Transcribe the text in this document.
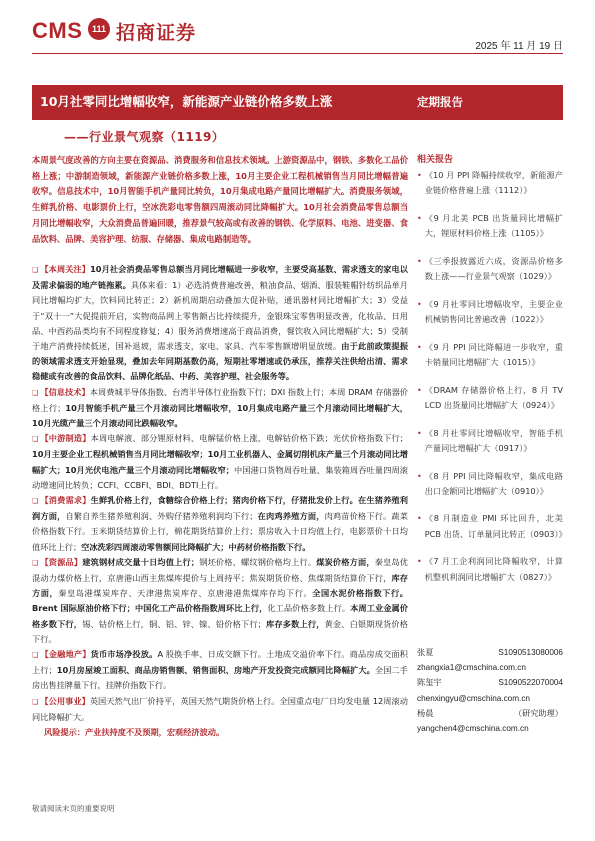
CMS	111 招商证券
2025 年 11 月 19 日
10月社零同比增幅收窄，新能源产业链价格多数上涨	定期报告
——行业景气观察（1119）
本周景气度改善的方向主要在资源品、消费服务和信息技术领域。上游资源品中，钢铁、多数化工品价格上涨；中游制造领域，新能源产业链价格多数上涨，10月主要企业工程机械销售当月同比增幅普遍收窄。信息技术中，10月智能手机产量同比转负，10月集成电路产量同比增幅扩大。消费服务领域，生鲜乳价格、电影票价上行，空冰洗彩电零售额四周滚动同比降幅扩大。10月社会消费品零售总额当月同比增幅收窄，大众消费品普遍回暖，推荐景气较高或有改善的钢铁、化学原料、电池、进变器、食品饮料、品牌、美容护理、纺服、存储器、集成电路制造等。

❑ 【本周关注】10月社会消费品零售总额当月同比增幅进一步收窄，主要受高基数、需求透支的家电以及需求偏弱的地产链拖累。具体来看：1）必选消费普遍改善，粮油食品、烟酒、服装鞋帽针纺织品单月同比增幅均扩大，饮料同比转正；2）新机周期启动叠加大促补贴，通讯器材同比增幅扩大；3）受益于“双十一”大促提前开启，实物商品网上零售额占比持续提升，金银珠宝零售明显改善，化妆品、日用品、中西药品类均有不同程度修复；4）服务消费增速高于商品消费，餐饮收入同比增幅扩大；5）受制于地产消费持续低迷，国补退坡，需求透支，家电、家具、汽车零售额增明显放缓。由于此前政策提振的领域需求透支开始显现，叠加去年同期基数仍高，短期社零增速或仍承压，推荐关注供给出清、需求稳健或有改善的食品饮料、品牌化纸品、中药、美容护理、社会服务等。

❑ 【信息技术】本周费城半导体指数、台湾半导体行业指数下行；DXI 指数上行；本周 DRAM 存储器价格上行；10月智能手机产量三个月滚动同比增幅收窄，10月集成电路产量三个月滚动同比增幅扩大，10月光缆产量三个月滚动同比跌幅收窄。

❑ 【中游制造】本周电解液、部分锂原材料、电解锰价格上涨，电解钴价格下跌；光伏价格指数下行；10月主要企业工程机械销售当月同比增幅收窄；10月工业机器人、金属切削机床产量三个月滚动同比增幅扩大；10月光伏电池产量三个月滚动同比增幅收窄；中国港口货物周吞吐量、集装箱周吞吐量四周滚动增速同比转负；CCFI、CCBFI、BDI、BDTI上行。

❑ 【消费需求】生鲜乳价格上行，食糖综合价格上行；猪肉价格下行，仔猪批发价上行。在生猪养殖利润方面，自繁自养生猪养殖利润、外购仔猪养殖利润均下行；在肉鸡养殖方面，肉鸡苗价格下行。蔬菜价格指数下行。玉米期货结算价上行，棉花期货结算价上行；票房收入十日均值上行，电影票价十日均值环比上行；空冰洗彩四周滚动零售额同比降幅扩大；中药材价格指数下行。

❑ 【资源品】建筑钢材成交量十日均值上行；钢坯价格、螺纹钢价格均上行。煤炭价格方面，秦皇岛优混动力煤价格上行，京唐港山西主焦煤库提价与上周持平；焦炭期货价格、焦煤期货结算价下行，库存方面，秦皇岛港煤炭库存、天津港焦炭库存、京唐港港焦煤库存均下行。全国水泥价格指数下行。Brent 国际原油价格下行；中国化工产品价格指数周环比上行，化工品价格多数上行。本周工业金属价格多数下行，锡、钴价格上行，铜、铝、锌、镍、铅价格下行；库存多数上行，黄金、白银期现货价格下行。

❑ 【金融地产】货币市场净投放。A 股换手率、日成交额下行。土地成交溢价率下行。商品房成交面积上行；10月房屋竣工面积、商品房销售额、销售面积、房地产开发投资完成额同比降幅扩大。全国二手房出售挂牌量下行，挂牌价指数下行。

❑ 【公用事业】英国天然气出厂价持平，英国天然气期货价格上行。全国重点电厂日均发电量 12周滚动同比降幅扩大。

风险提示：产业扶持度不及预期，宏观经济波动。

相关报告
• 《10 月 PPI 降幅持续收窄，新能源产业链价格普遍上涨（1112）》
• 《9 月北美 PCB 出货量同比增幅扩大，锂原材料价格上涨（1105）》
• 《三季报披露近六成，资源品价格多数上涨——行业景气观察（1029）》
• 《9 月社零同比增幅收窄，主要企业机械销售同比普遍改善（1022）》
• 《9 月 PPI 同比降幅进一步收窄，重卡销量同比增幅扩大（1015）》
• 《DRAM 存储器价格上行，8 月 TV LCD 出货量同比增幅扩大（0924）》
• 《8 月社零同比增幅收窄，智能手机产量同比增幅扩大（0917）》
• 《8 月 PPI 同比降幅收窄，集成电路出口金额同比增幅扩大（0910）》
• 《8 月制造业 PMI 环比回升，北美 PCB 出货、订单量同比转正（0903）》
• 《7 月工企利润同比降幅收窄，计算机整机利润同比增幅扩大（0827）》
张夏	S1090513080006
zhangxia1@cmschina.com.cn
陈玺宇	S1090522070004
chenxingyu@cmschina.com.cn
杨晨	（研究助理）
yangchen4@cmschina.com.cn
敬请阅读末页的重要说明
